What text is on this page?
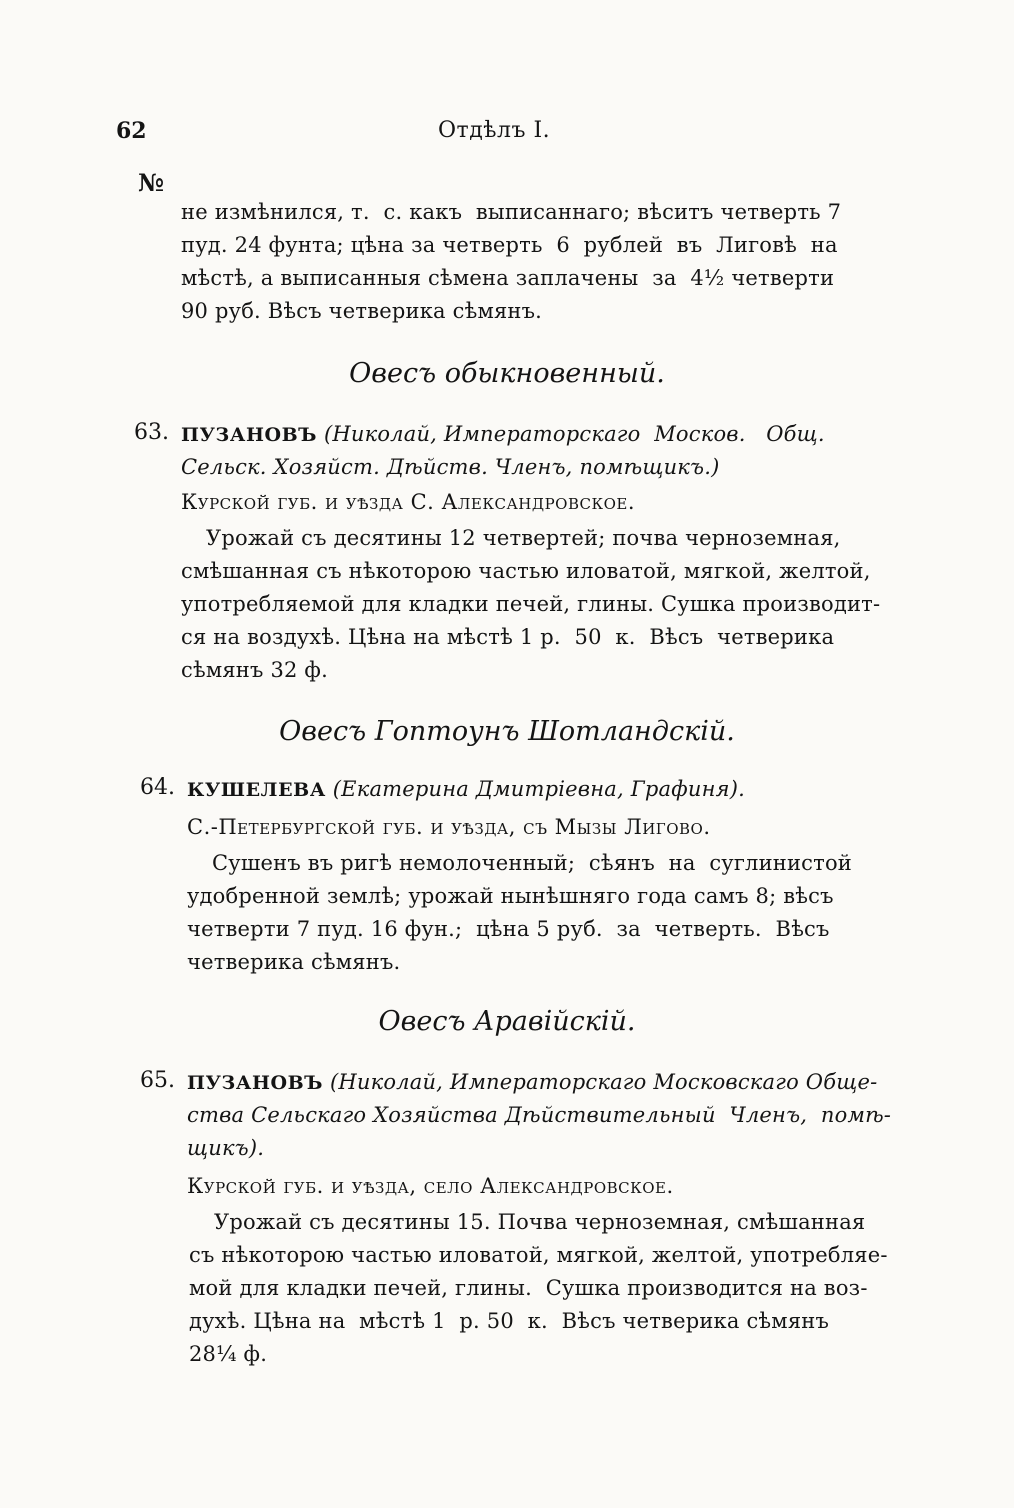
62	Отдѣлъ I.
№
не измѣнился, т.  с. какъ  выписаннаго; вѣситъ четверть 7
пуд. 24 фунта; цѣна за четверть  6  рублей  въ  Лиговѣ  на
мѣстѣ, а выписанныя сѣмена заплачены  за  4½ четверти
90 руб. Вѣсъ четверика сѣмянъ.
Овесъ обыкновенный.
63. ПУЗАНОВЪ (Николай, Императорскаго  Москов.   Общ.
Сельск. Хозяйст. Дѣйств. Членъ, помѣщикъ.)
Курской губ. и уѣзда С. Александровское.
Урожай съ десятины 12 четвертей; почва черноземная,
смѣшанная съ нѣкоторою частью иловатой, мягкой, желтой,
употребляемой для кладки печей, глины. Сушка производит-
ся на воздухѣ. Цѣна на мѣстѣ 1 р.  50  к.  Вѣсъ  четверика
сѣмянъ 32 ф.
Овесъ Гоптоунъ Шотландскій.
64. КУШЕЛЕВА (Екатерина Дмитріевна, Графиня).
С.-Петербургской губ. и уѣзда, съ Мызы Лигово.
Сушенъ въ ригѣ немолоченный;  сѣянъ  на  суглинистой
удобренной землѣ; урожай нынѣшняго года самъ 8; вѣсъ
четверти 7 пуд. 16 фун.;  цѣна 5 руб.  за  четверть.  Вѣсъ
четверика сѣмянъ.
Овесъ Аравійскій.
65. ПУЗАНОВЪ (Николай, Императорскаго Московскаго Обще-
ства Сельскаго Хозяйства Дѣйствительный  Членъ,  помѣ-
щикъ).
Курской губ. и уѣзда, село Александровское.
Урожай съ десятины 15. Почва черноземная, смѣшанная
съ нѣкоторою частью иловатой, мягкой, желтой, употребляе-
мой для кладки печей, глины.  Сушка производится на воз-
духѣ. Цѣна на  мѣстѣ 1  р. 50  к.  Вѣсъ четверика сѣмянъ
28¼ ф.
